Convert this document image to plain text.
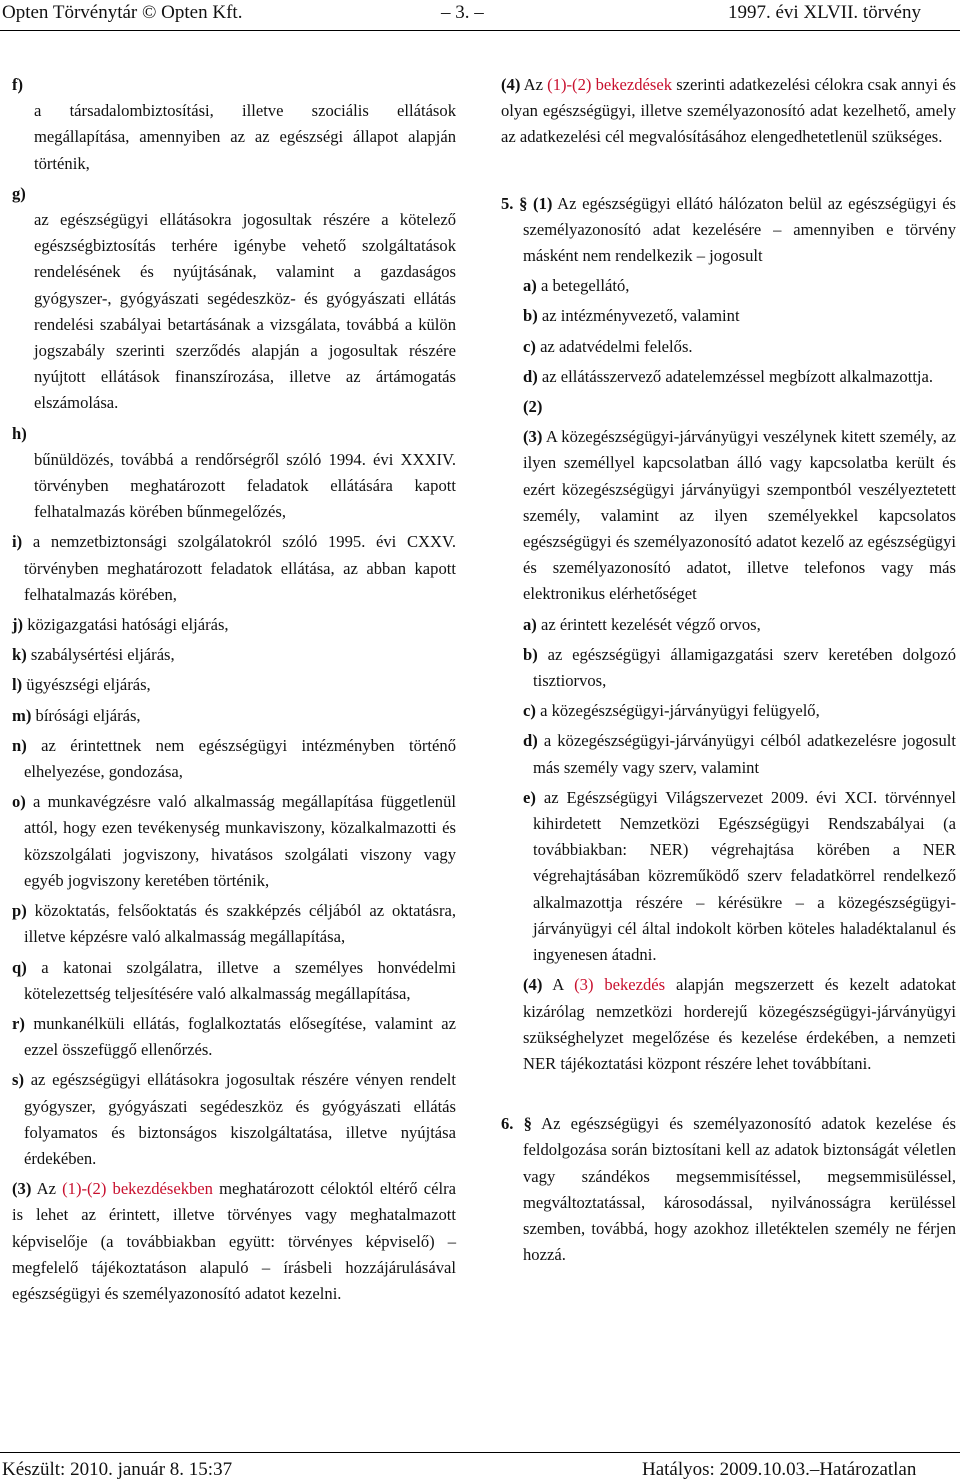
Opten Törvénytár © Opten Kft.	– 3. –	1997. évi XLVII. törvény
f)
a társadalombiztosítási, illetve szociális ellátások megállapítása, amennyiben az az egészségi állapot alapján történik,
g)
az egészségügyi ellátásokra jogosultak részére a kötelező egészségbiztosítás terhére igénybe vehető szolgáltatások rendelésének és nyújtásának, valamint a gazdaságos gyógyszer-, gyógyászati segédeszköz- és gyógyászati ellátás rendelési szabályai betartásának a vizsgálata, továbbá a külön jogszabály szerinti szerződés alapján a jogosultak részére nyújtott ellátások finanszírozása, illetve az ártámogatás elszámolása.
h)
bűnüldözés, továbbá a rendőrségről szóló 1994. évi XXXIV. törvényben meghatározott feladatok ellátására kapott felhatalmazás körében bűnmegelőzés,
i) a nemzetbiztonsági szolgálatokról szóló 1995. évi CXXV. törvényben meghatározott feladatok ellátása, az abban kapott felhatalmazás körében,
j) közigazgatási hatósági eljárás,
k) szabálysértési eljárás,
l) ügyészségi eljárás,
m) bírósági eljárás,
n) az érintettnek nem egészségügyi intézményben történő elhelyezése, gondozása,
o) a munkavégzésre való alkalmasság megállapítása függetlenül attól, hogy ezen tevékenység munkaviszony, közalkalmazotti és közszolgálati jogviszony, hivatásos szolgálati viszony vagy egyéb jogviszony keretében történik,
p) közoktatás, felsőoktatás és szakképzés céljából az oktatásra, illetve képzésre való alkalmasság megállapítása,
q) a katonai szolgálatra, illetve a személyes honvédelmi kötelezettség teljesítésére való alkalmasság megállapítása,
r) munkanélküli ellátás, foglalkoztatás elősegítése, valamint az ezzel összefüggő ellenőrzés.
s) az egészségügyi ellátásokra jogosultak részére vényen rendelt gyógyszer, gyógyászati segédeszköz és gyógyászati ellátás folyamatos és biztonságos kiszolgáltatása, illetve nyújtása érdekében.
(3) Az (1)-(2) bekezdésekben meghatározott céloktól eltérő célra is lehet az érintett, illetve törvényes vagy meghatalmazott képviselője (a továbbiakban együtt: törvényes képviselő) – megfelelő tájékoztatáson alapuló – írásbeli hozzájárulásával egészségügyi és személyazonosító adatot kezelni.
(4) Az (1)-(2) bekezdések szerinti adatkezelési célokra csak annyi és olyan egészségügyi, illetve személyazonosító adat kezelhető, amely az adatkezelési cél megvalósításához elengedhetetlenül szükséges.
5. § (1) Az egészségügyi ellátó hálózaton belül az egészségügyi és személyazonosító adat kezelésére – amennyiben e törvény másként nem rendelkezik – jogosult
a) a betegellátó,
b) az intézményvezető, valamint
c) az adatvédelmi felelős.
d) az ellátásszervező adatelemzéssel megbízott alkalmazottja.
(2)
(3) A közegészségügyi-járványügyi veszélynek kitett személy, az ilyen személlyel kapcsolatban álló vagy kapcsolatba került és ezért közegészségügyi járványügyi szempontból veszélyeztetett személy, valamint az ilyen személyekkel kapcsolatos egészségügyi és személyazonosító adatot kezelő az egészségügyi és személyazonosító adatot, illetve telefonos vagy más elektronikus elérhetőséget
a) az érintett kezelését végző orvos,
b) az egészségügyi államigazgatási szerv keretében dolgozó tisztiorvos,
c) a közegészségügyi-járványügyi felügyelő,
d) a közegészségügyi-járványügyi célból adatkezelésre jogosult más személy vagy szerv, valamint
e) az Egészségügyi Világszervezet 2009. évi XCI. törvénnyel kihirdetett Nemzetközi Egészségügyi Rendszabályai (a továbbiakban: NER) végrehajtása körében a NER végrehajtásában közreműködő szerv feladatkörrel rendelkező alkalmazottja részére – kérésükre – a közegészségügyi-járványügyi cél által indokolt körben köteles haladéktalanul és ingyenesen átadni.
(4) A (3) bekezdés alapján megszerzett és kezelt adatokat kizárólag nemzetközi horderejű közegészségügyi-járványügyi szükséghelyzet megelőzése és kezelése érdekében, a nemzeti NER tájékoztatási központ részére lehet továbbítani.
6. § Az egészségügyi és személyazonosító adatok kezelése és feldolgozása során biztosítani kell az adatok biztonságát véletlen vagy szándékos megsemmisítéssel, megsemmisüléssel, megváltoztatással, károsodással, nyilvánosságra kerüléssel szemben, továbbá, hogy azokhoz illetéktelen személy ne férjen hozzá.
Készült: 2010. január 8. 15:37	Hatályos: 2009.10.03.–Határozatlan
